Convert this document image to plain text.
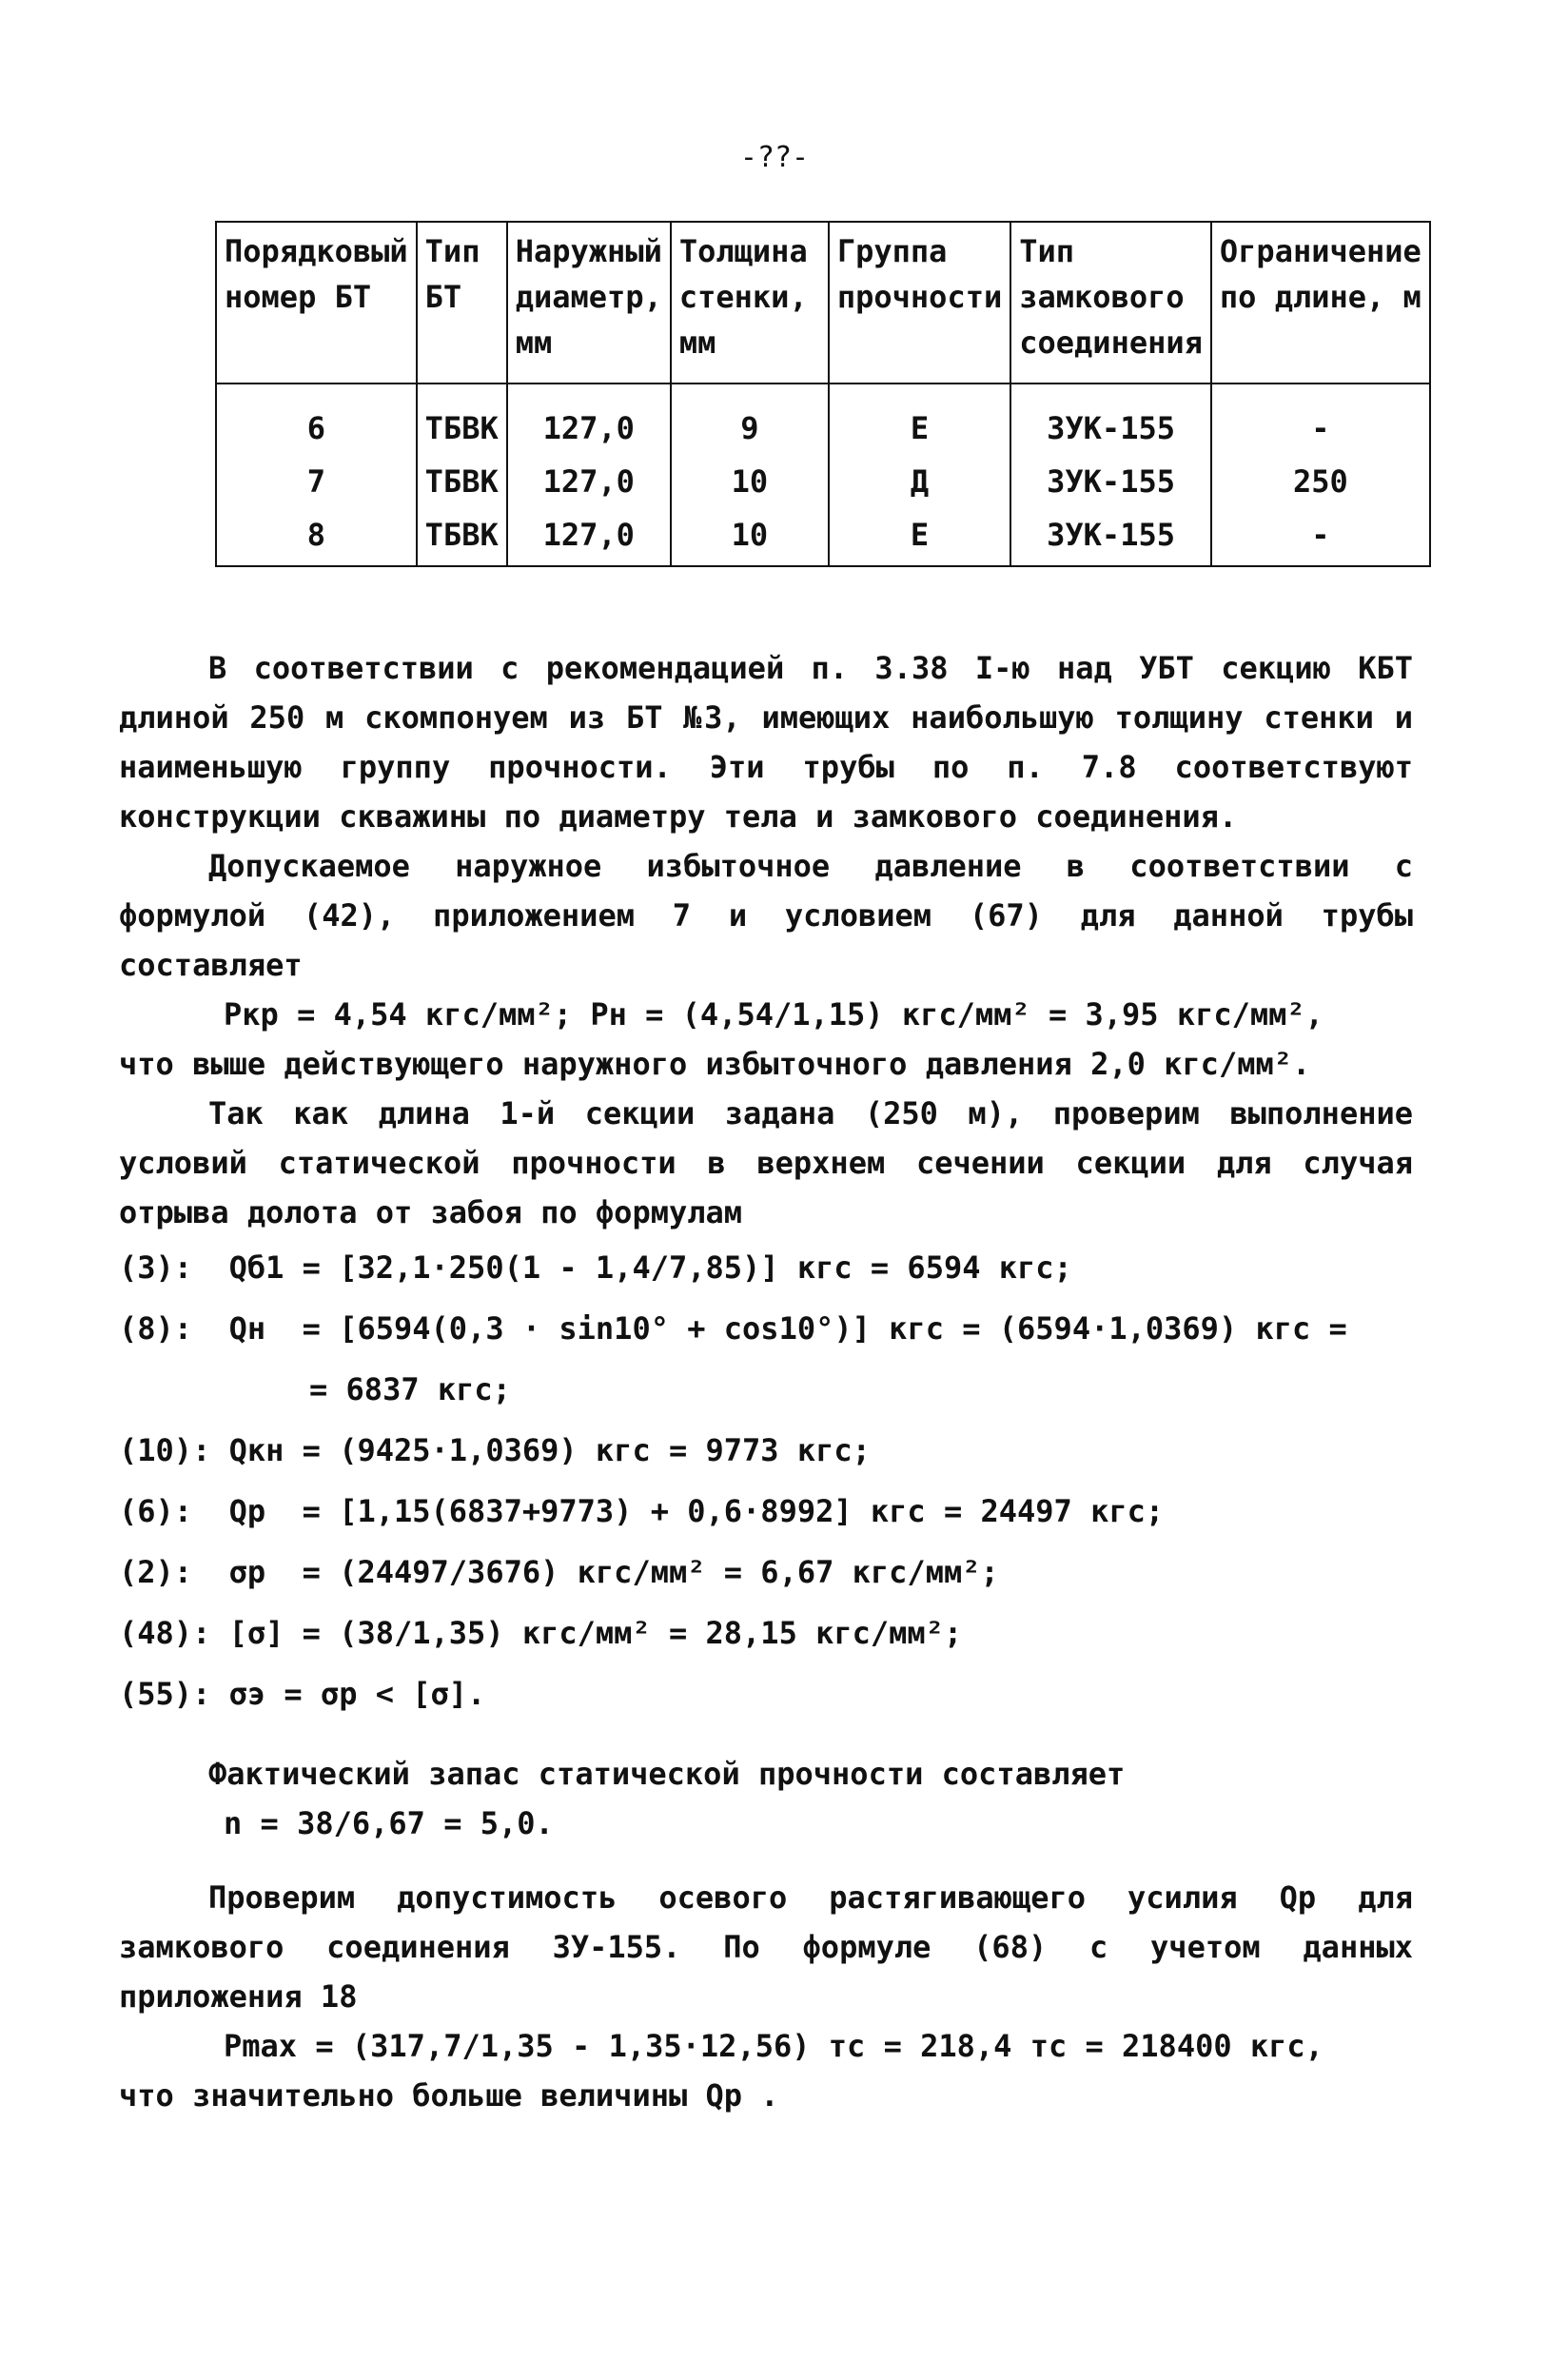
-??-
Порядковый номер БТ	Тип БТ	Наружный диаметр, мм	Толщина стенки, мм	Группа прочности	Тип замкового соединения	Ограничение по длине, м
6	ТБВК	127,0	9	Е	ЗУК-155	-
7	ТБВК	127,0	10	Д	ЗУК-155	250
8	ТБВК	127,0	10	Е	ЗУК-155	-

В соответствии с рекомендацией п. 3.38 I-ю над УБТ секцию КБТ длиной 250 м скомпонуем из БТ №3, имеющих наибольшую толщину стенки и наименьшую группу прочности. Эти трубы по п. 7.8 соответствуют конструкции скважины по диаметру тела и замкового соединения.

Допускаемое наружное избыточное давление в соответствии с формулой (42), приложением 7 и условием (67) для данной трубы составляет

Pкр = 4,54 кгс/мм²; Pн = (4,54/1,15) кгс/мм² = 3,95 кгс/мм²,

что выше действующего наружного избыточного давления 2,0 кгс/мм².

Так как длина 1-й секции задана (250 м), проверим выполнение условий статической прочности в верхнем сечении секции для случая отрыва долота от забоя по формулам

(3):  Qб1 = [32,1·250(1 - 1,4/7,85)] кгс = 6594 кгс;

(8):  Qн  = [6594(0,3 · sin10° + cos10°)] кгс = (6594·1,0369) кгс =

= 6837 кгс;

(10): Qкн = (9425·1,0369) кгс = 9773 кгс;

(6):  Qр  = [1,15(6837+9773) + 0,6·8992] кгс = 24497 кгс;

(2):  σр  = (24497/3676) кгс/мм² = 6,67 кгс/мм²;

(48): [σ] = (38/1,35) кгс/мм² = 28,15 кгс/мм²;

(55): σэ = σр < [σ].

Фактический запас статической прочности составляет

n = 38/6,67 = 5,0.

Проверим допустимость осевого растягивающего усилия Qр для замкового соединения ЗУ-155. По формуле (68) с учетом данных приложения 18

Pmax = (317,7/1,35 - 1,35·12,56) тс = 218,4 тс = 218400 кгс,

что значительно больше величины Qр .
